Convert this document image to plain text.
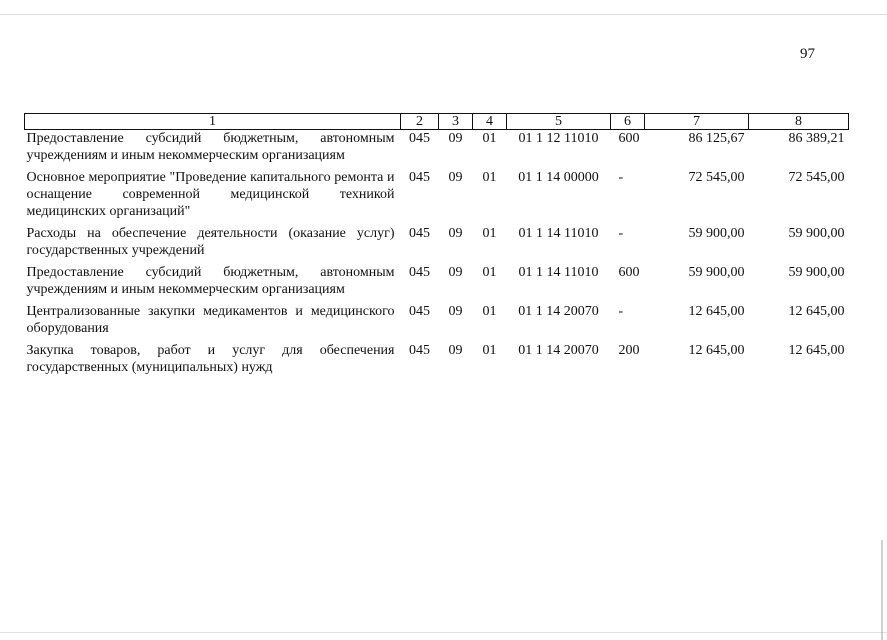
97
1	2	3	4	5	6	7	8
Предоставление субсидий бюджетным, автономным учреждениям и иным некоммерческим организациям	045	09	01	01 1 12 11010	600	86 125,67	86 389,21
Основное мероприятие "Проведение капитального ремонта и оснащение современной медицинской техникой медицинских организаций"	045	09	01	01 1 14 00000	-	72 545,00	72 545,00
Расходы на обеспечение деятельности (оказание услуг) государственных учреждений	045	09	01	01 1 14 11010	-	59 900,00	59 900,00
Предоставление субсидий бюджетным, автономным учреждениям и иным некоммерческим организациям	045	09	01	01 1 14 11010	600	59 900,00	59 900,00
Централизованные закупки медикаментов и медицинского оборудования	045	09	01	01 1 14 20070	-	12 645,00	12 645,00
Закупка товаров, работ и услуг для обеспечения государственных (муниципальных) нужд	045	09	01	01 1 14 20070	200	12 645,00	12 645,00
